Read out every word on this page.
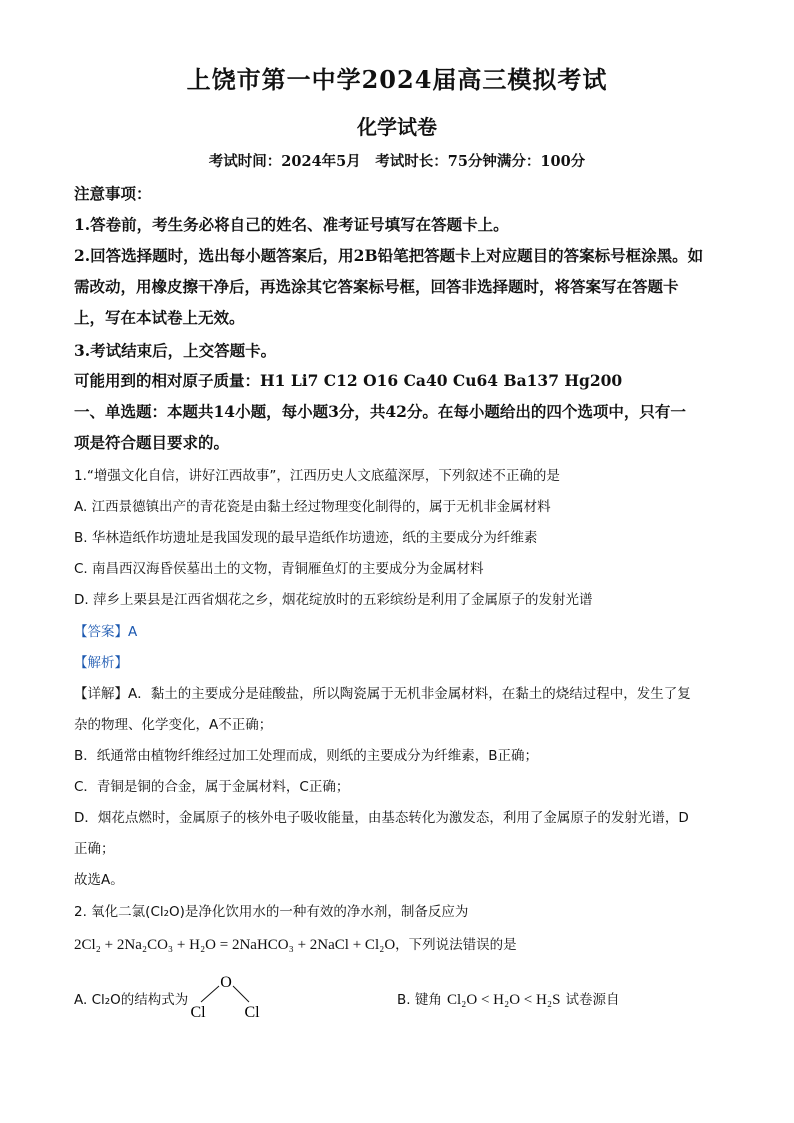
上饶市第一中学2024届高三模拟考试
化学试卷
考试时间：2024年5月　考试时长：75分钟满分：100分
注意事项：
1.答卷前，考生务必将自己的姓名、准考证号填写在答题卡上。
2.回答选择题时，选出每小题答案后，用2B铅笔把答题卡上对应题目的答案标号框涂黑。如
需改动，用橡皮擦干净后，再选涂其它答案标号框，回答非选择题时，将答案写在答题卡
上，写在本试卷上无效。
3.考试结束后，上交答题卡。
可能用到的相对原子质量：H1 Li7 C12 O16 Ca40 Cu64 Ba137 Hg200
一、单选题：本题共14小题，每小题3分，共42分。在每小题给出的四个选项中，只有一
项是符合题目要求的。
1.“增强文化自信，讲好江西故事”，江西历史人文底蕴深厚，下列叙述不正确的是
A. 江西景德镇出产的青花瓷是由黏土经过物理变化制得的，属于无机非金属材料
B. 华林造纸作坊遗址是我国发现的最早造纸作坊遗迹，纸的主要成分为纤维素
C. 南昌西汉海昏侯墓出土的文物，青铜雁鱼灯的主要成分为金属材料
D. 萍乡上栗县是江西省烟花之乡，烟花绽放时的五彩缤纷是利用了金属原子的发射光谱
【答案】A
【解析】
【详解】A．黏土的主要成分是硅酸盐，所以陶瓷属于无机非金属材料，在黏土的烧结过程中，发生了复
杂的物理、化学变化，A不正确；
B．纸通常由植物纤维经过加工处理而成，则纸的主要成分为纤维素，B正确；
C．青铜是铜的合金，属于金属材料，C正确；
D．烟花点燃时，金属原子的核外电子吸收能量，由基态转化为激发态，利用了金属原子的发射光谱，D
正确；
故选A。
2. 氧化二氯(Cl₂O)是净化饮用水的一种有效的净水剂，制备反应为
2Cl₂ + 2Na₂CO₃ + H₂O = 2NaHCO₃ + 2NaCl + Cl₂O，下列说法错误的是
A. Cl₂O的结构式为
O
Cl Cl
B. 键角 Cl₂O < H₂O < H₂S 试卷源自
